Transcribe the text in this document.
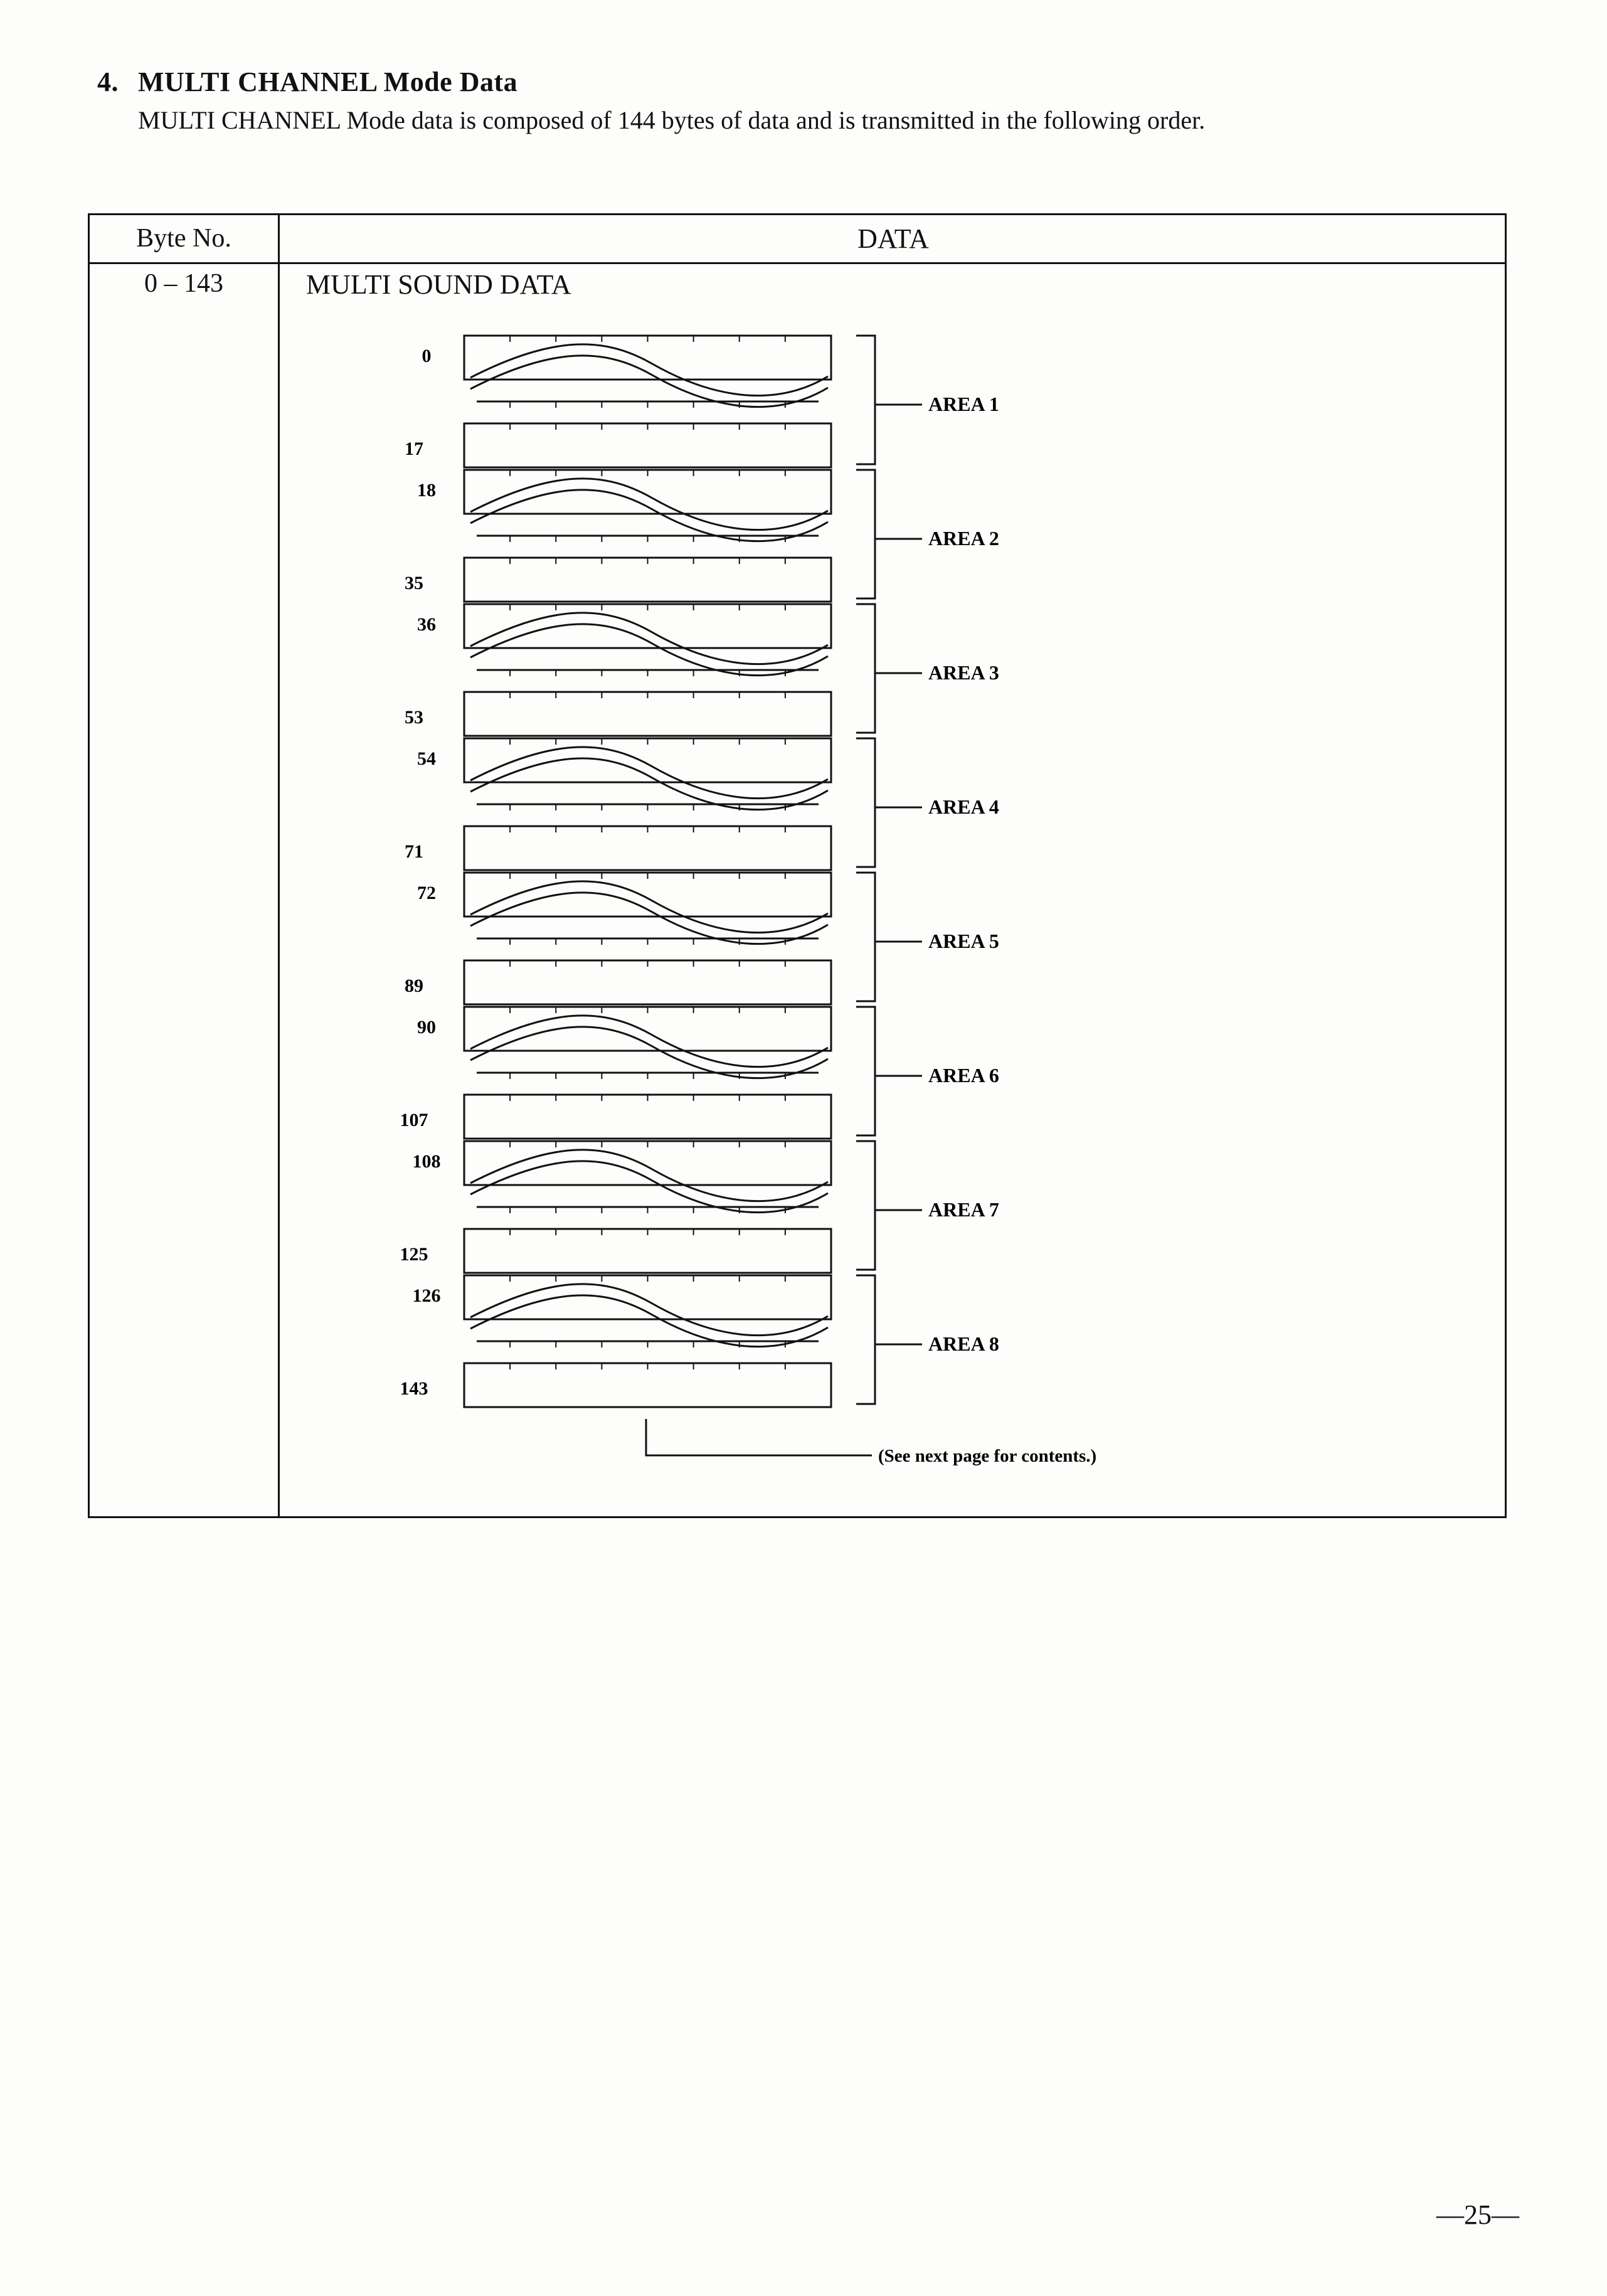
4. MULTI CHANNEL Mode Data
MULTI CHANNEL Mode data is composed of 144 bytes of data and is transmitted in the following order.
Byte No.	DATA
0 – 143	MULTI SOUND DATA
AREA 1
0
17
AREA 2
18
35
AREA 3
36
53
AREA 4
54
71
AREA 5
72
89
AREA 6
90
107
AREA 7
108
125
AREA 8
126
143
(See next page for contents.)
—25—
